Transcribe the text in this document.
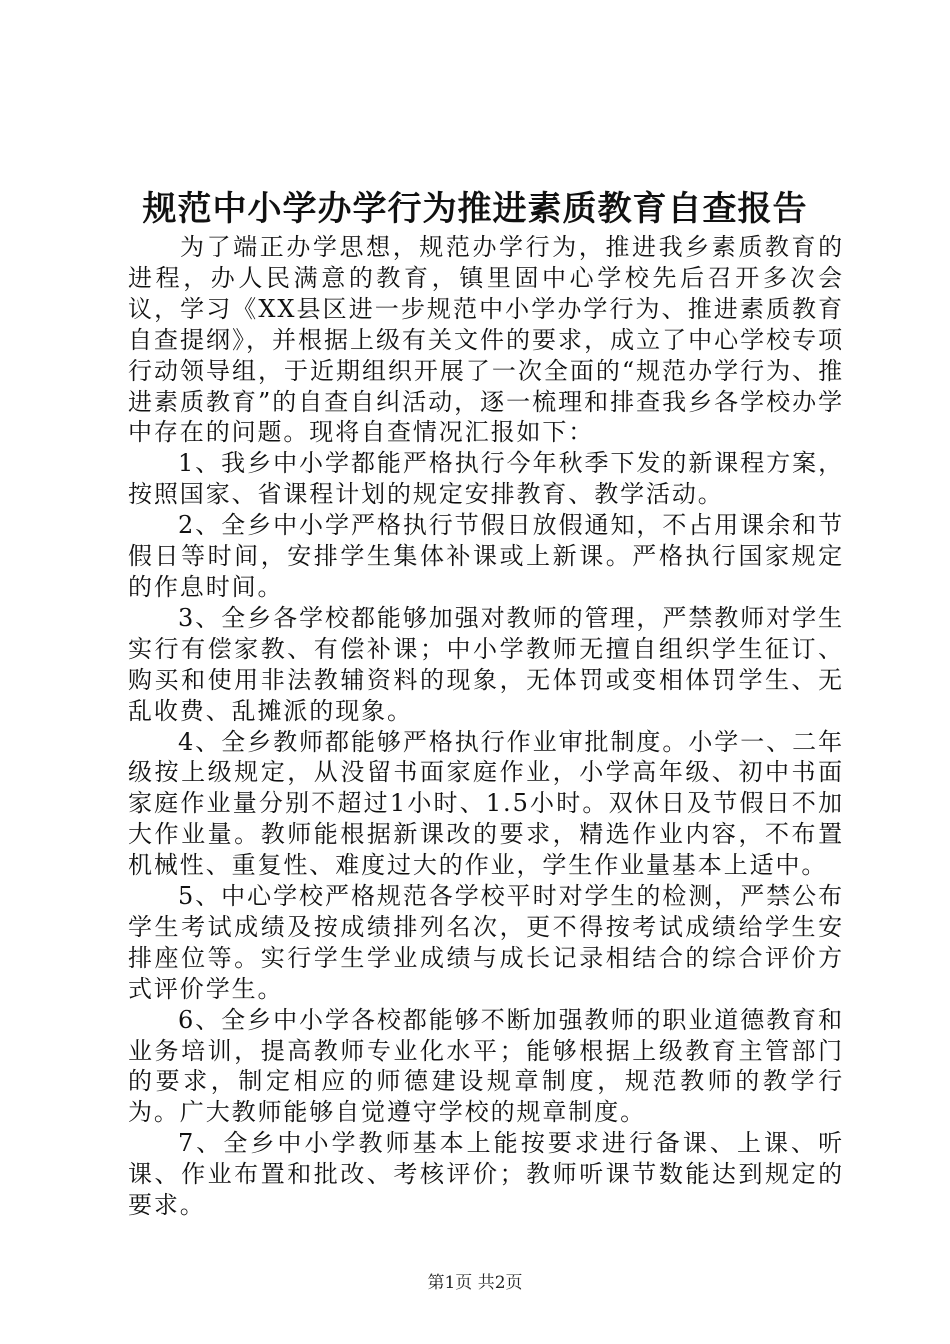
规范中小学办学行为推进素质教育自查报告

为了端正办学思想，规范办学行为，推进我乡素质教育的进程，办人民满意的教育，镇里固中心学校先后召开多次会议，学习《XX县区进一步规范中小学办学行为、推进素质教育自查提纲》，并根据上级有关文件的要求，成立了中心学校专项行动领导组，于近期组织开展了一次全面的“规范办学行为、推进素质教育”的自查自纠活动，逐一梳理和排查我乡各学校办学中存在的问题。现将自查情况汇报如下：

1、我乡中小学都能严格执行今年秋季下发的新课程方案，按照国家、省课程计划的规定安排教育、教学活动。

2、全乡中小学严格执行节假日放假通知，不占用课余和节假日等时间，安排学生集体补课或上新课。严格执行国家规定的作息时间。

3、全乡各学校都能够加强对教师的管理，严禁教师对学生实行有偿家教、有偿补课；中小学教师无擅自组织学生征订、购买和使用非法教辅资料的现象，无体罚或变相体罚学生、无乱收费、乱摊派的现象。

4、全乡教师都能够严格执行作业审批制度。小学一、二年级按上级规定，从没留书面家庭作业，小学高年级、初中书面家庭作业量分别不超过1小时、1.5小时。双休日及节假日不加大作业量。教师能根据新课改的要求，精选作业内容，不布置机械性、重复性、难度过大的作业，学生作业量基本上适中。

5、中心学校严格规范各学校平时对学生的检测，严禁公布学生考试成绩及按成绩排列名次，更不得按考试成绩给学生安排座位等。实行学生学业成绩与成长记录相结合的综合评价方式评价学生。

6、全乡中小学各校都能够不断加强教师的职业道德教育和业务培训，提高教师专业化水平；能够根据上级教育主管部门的要求，制定相应的师德建设规章制度，规范教师的教学行为。广大教师能够自觉遵守学校的规章制度。

7、全乡中小学教师基本上能按要求进行备课、上课、听课、作业布置和批改、考核评价；教师听课节数能达到规定的要求。

第1页 共2页
